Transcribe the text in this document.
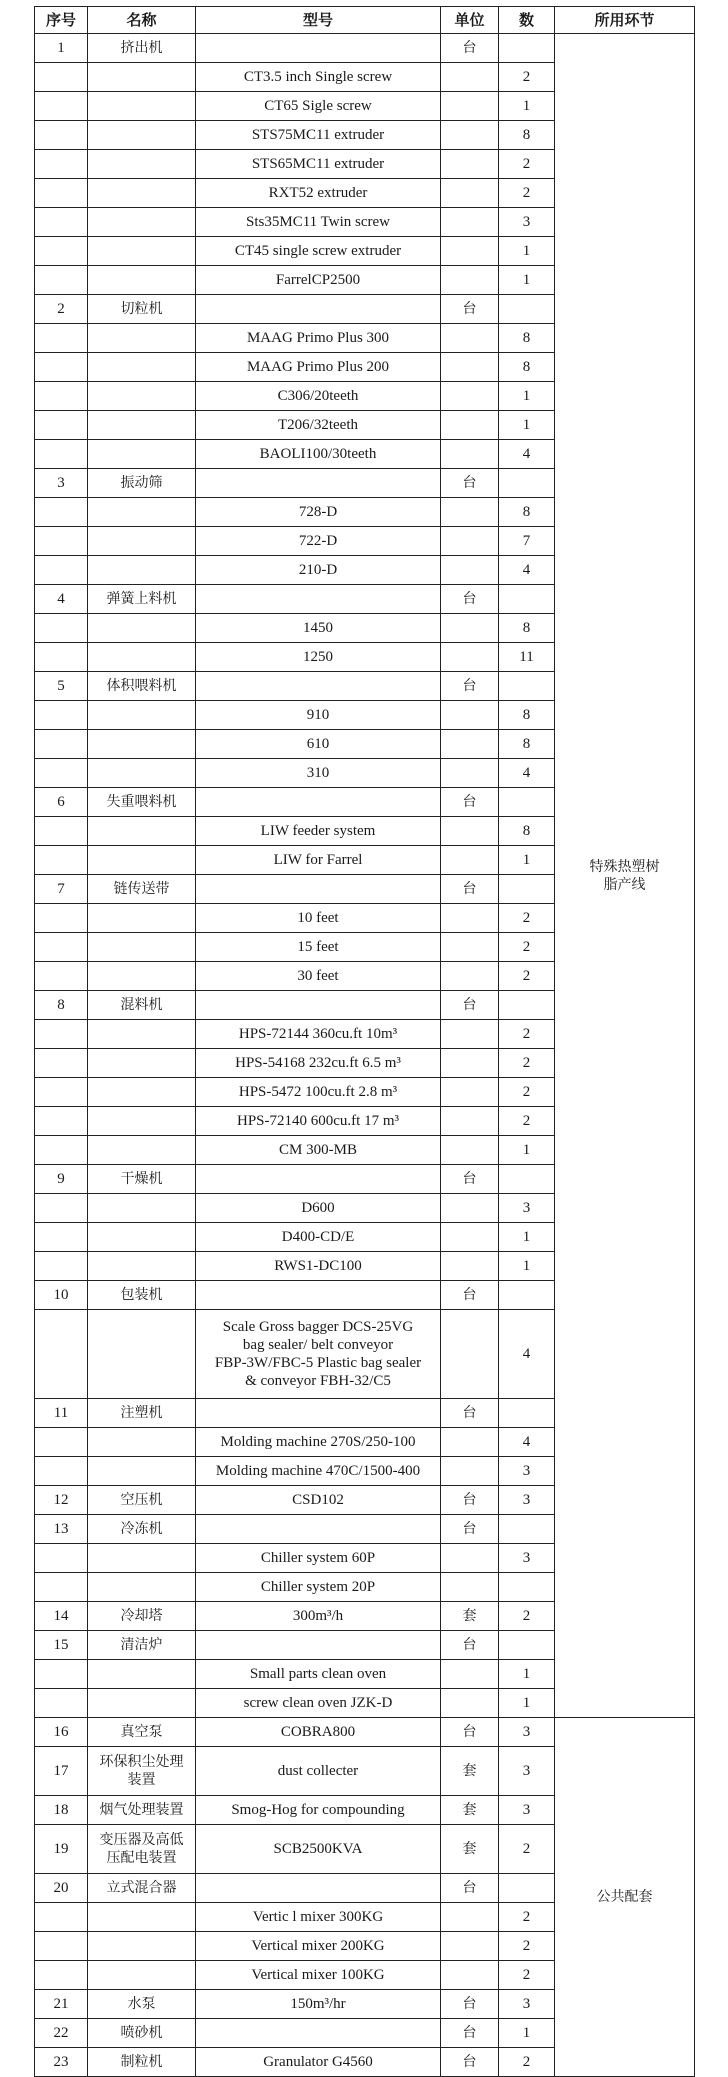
序号	名称	型号	单位	数	所用环节
1	挤出机		台		特殊热塑树
脂产线
		CT3.5 inch Single screw		2	
		CT65 Sigle screw		1	
		STS75MC11 extruder		8	
		STS65MC11 extruder		2	
		RXT52 extruder		2	
		Sts35MC11 Twin screw		3	
		CT45 single screw extruder		1	
		FarrelCP2500		1	
2	切粒机		台		
		MAAG Primo Plus 300		8	
		MAAG Primo Plus 200		8	
		C306/20teeth		1	
		T206/32teeth		1	
		BAOLI100/30teeth		4	
3	振动筛		台		
		728-D		8	
		722-D		7	
		210-D		4	
4	弹簧上料机		台		
		1450		8	
		1250		11	
5	体积喂料机		台		
		910		8	
		610		8	
		310		4	
6	失重喂料机		台		
		LIW feeder system		8	
		LIW for Farrel		1	
7	链传送带		台		
		10 feet		2	
		15 feet		2	
		30 feet		2	
8	混料机		台		
		HPS-72144 360cu.ft 10m³		2	
		HPS-54168 232cu.ft 6.5 m³		2	
		HPS-5472 100cu.ft 2.8 m³		2	
		HPS-72140 600cu.ft 17 m³		2	
		CM 300-MB		1	
9	干燥机		台		
		D600		3	
		D400-CD/E		1	
		RWS1-DC100		1	
10	包装机		台		
		Scale Gross bagger DCS-25VG
bag sealer/ belt conveyor
FBP-3W/FBC-5 Plastic bag sealer
& conveyor FBH-32/C5		4	
11	注塑机		台		
		Molding machine 270S/250-100		4	
		Molding machine 470C/1500-400		3	
12	空压机	CSD102	台	3	
13	冷冻机		台		
		Chiller system 60P		3	
		Chiller system 20P			
14	冷却塔	300m³/h	套	2	
15	清洁炉		台		
		Small parts clean oven		1	
		screw clean oven JZK-D		1	
16	真空泵	COBRA800	台	3	公共配套
17	环保积尘处理
装置	dust collecter	套	3	
18	烟气处理装置	Smog-Hog for compounding	套	3	
19	变压器及高低
压配电装置	SCB2500KVA	套	2	
20	立式混合器		台		
		Vertic l mixer 300KG		2	
		Vertical mixer 200KG		2	
		Vertical mixer 100KG		2	
21	水泵	150m³/hr	台	3	
22	喷砂机		台	1	
23	制粒机	Granulator G4560	台	2	
